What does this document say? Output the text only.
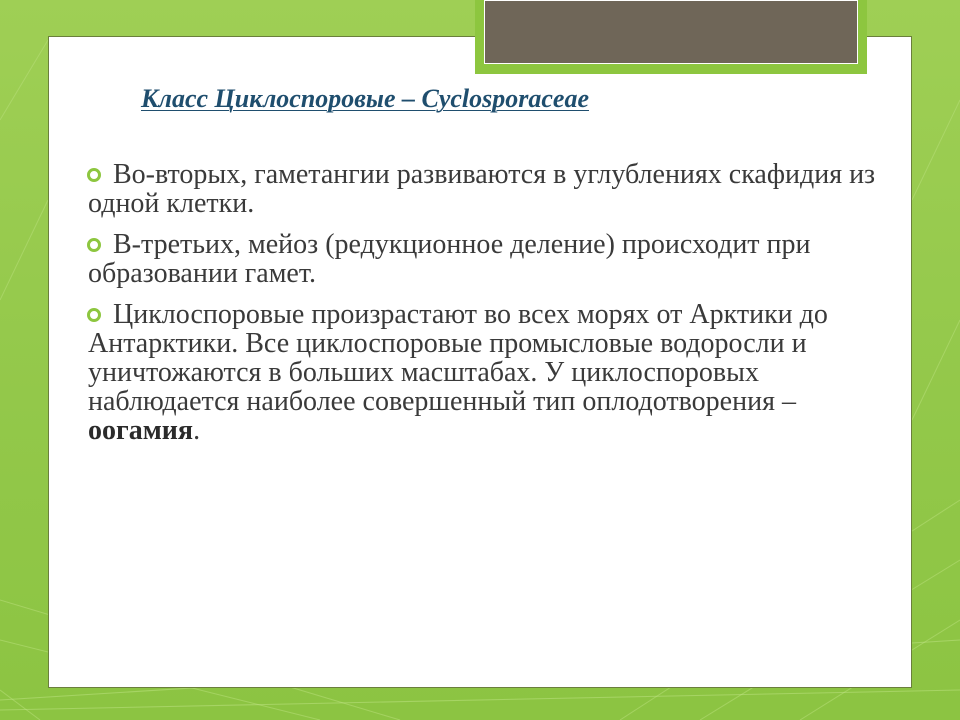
Класс Циклоспоровые – Cyclosporaceae
Во-вторых, гаметангии развиваются в углублениях скафидия из одной клетки.
В-третьих, мейоз (редукционное деление) происходит при образовании гамет.
Циклоспоровые произрастают во всех морях от Арктики до Антарктики. Все циклоспоровые промысловые водоросли и уничтожаются в больших масштабах. У циклоспоровых наблюдается наиболее совершенный тип оплодотворения – оогамия.
